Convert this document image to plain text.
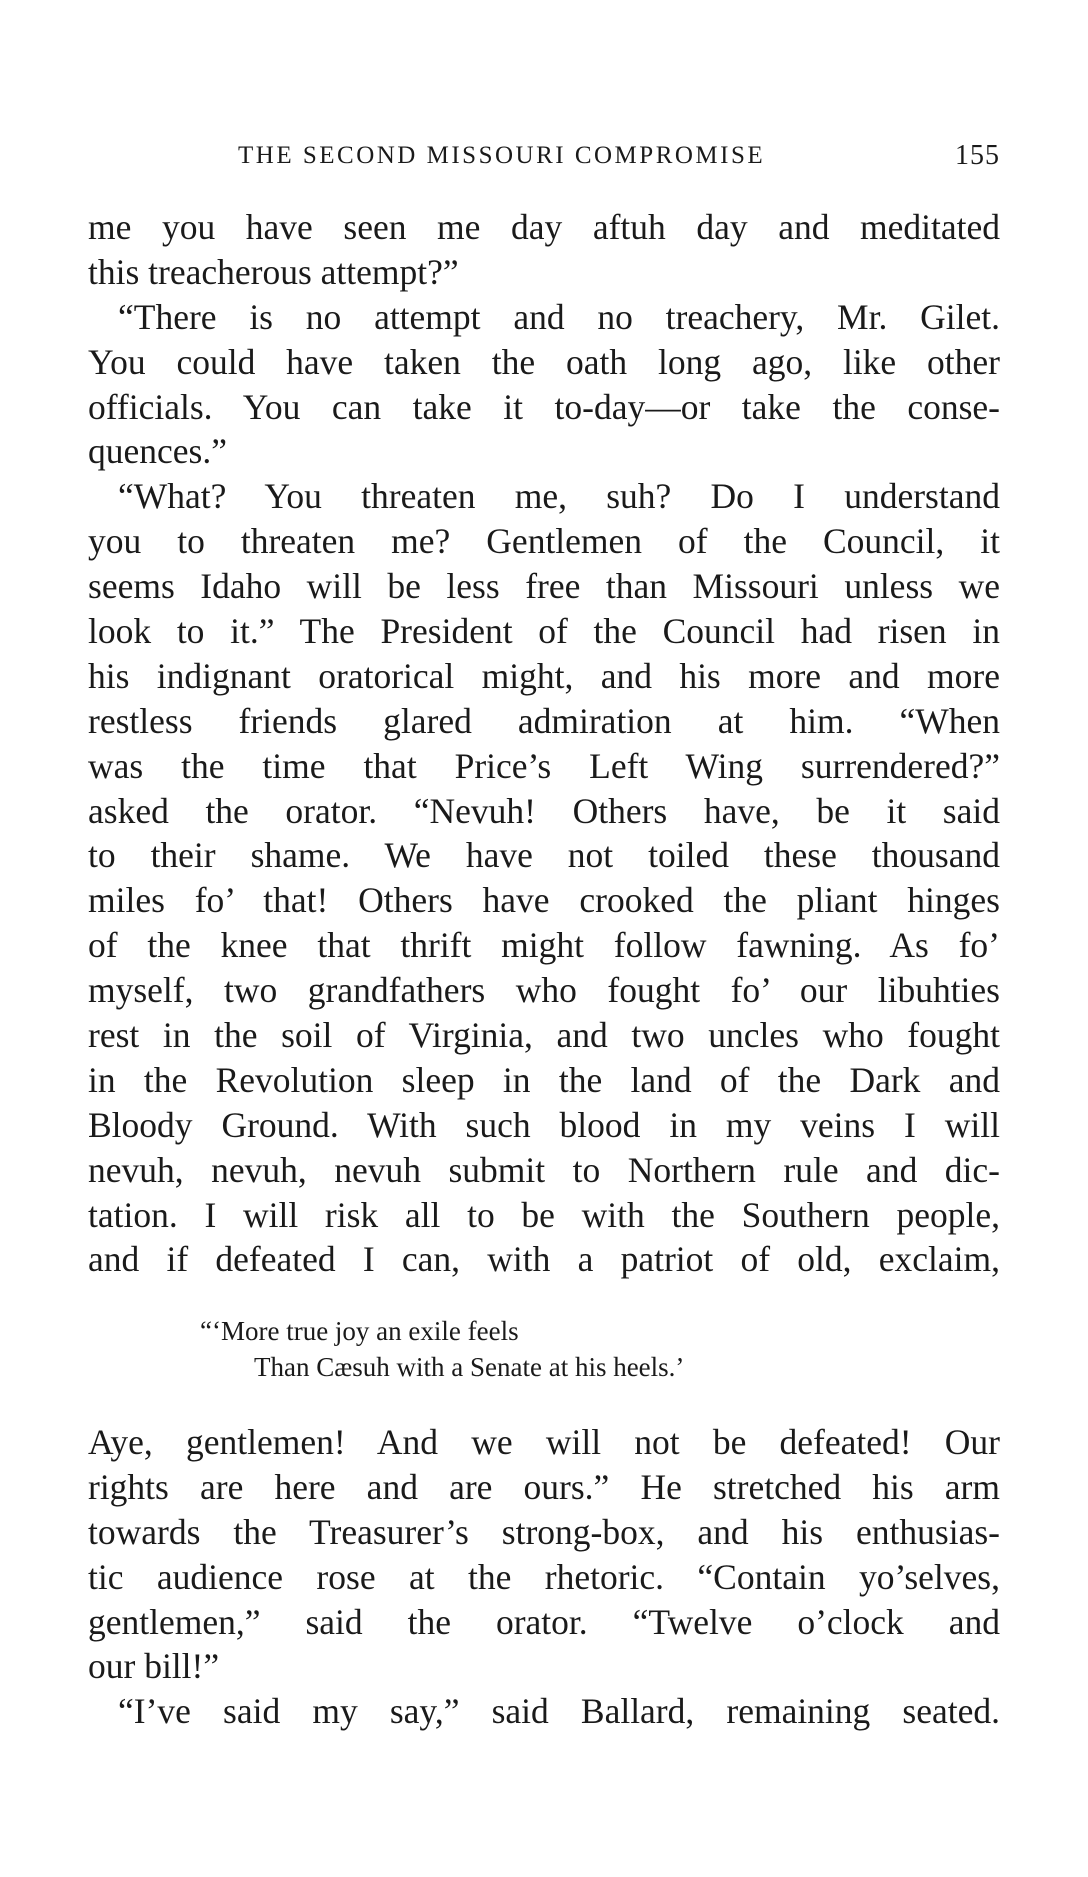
THE SECOND MISSOURI COMPROMISE	155
me you have seen me day aftuh day and meditated
this treacherous attempt?”
“There is no attempt and no treachery, Mr. Gilet.
You could have taken the oath long ago, like other
officials. You can take it to-day—or take the conse-
quences.”
“What? You threaten me, suh? Do I understand
you to threaten me? Gentlemen of the Council, it
seems Idaho will be less free than Missouri unless we
look to it.” The President of the Council had risen in
his indignant oratorical might, and his more and more
restless friends glared admiration at him. “When
was the time that Price’s Left Wing surrendered?”
asked the orator. “Nevuh! Others have, be it said
to their shame. We have not toiled these thousand
miles fo’ that! Others have crooked the pliant hinges
of the knee that thrift might follow fawning. As fo’
myself, two grandfathers who fought fo’ our libuhties
rest in the soil of Virginia, and two uncles who fought
in the Revolution sleep in the land of the Dark and
Bloody Ground. With such blood in my veins I will
nevuh, nevuh, nevuh submit to Northern rule and dic-
tation. I will risk all to be with the Southern people,
and if defeated I can, with a patriot of old, exclaim,
“‘More true joy an exile feels
Than Cæsuh with a Senate at his heels.’
Aye, gentlemen! And we will not be defeated! Our
rights are here and are ours.” He stretched his arm
towards the Treasurer’s strong-box, and his enthusias-
tic audience rose at the rhetoric. “Contain yo’selves,
gentlemen,” said the orator. “Twelve o’clock and
our bill!”
“I’ve said my say,” said Ballard, remaining seated.
